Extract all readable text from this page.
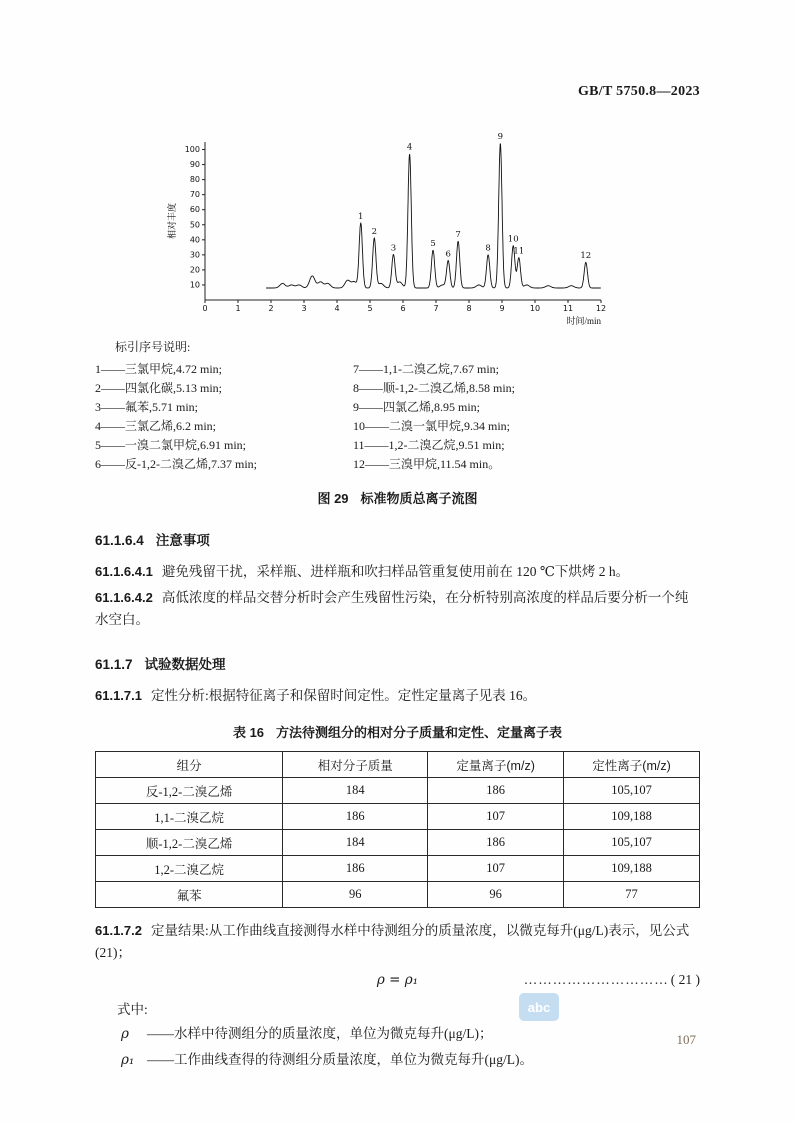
GB/T 5750.8—2023
10
20
30
40
50
60
70
80
90
100
0	1	2	3	4	5	6	7	8	9	10	11	12
相对丰度
时间/min
1
2
3
4
5
6
7
8
9
10
11	12
标引序号说明:
1——三氯甲烷,4.72 min;
2——四氯化碳,5.13 min;
3——氟苯,5.71 min;
4——三氯乙烯,6.2 min;
5——一溴二氯甲烷,6.91 min;
6——反-1,2-二溴乙烯,7.37 min;
7——1,1-二溴乙烷,7.67 min;
8——顺-1,2-二溴乙烯,8.58 min;
9——四氯乙烯,8.95 min;
10——二溴一氯甲烷,9.34 min;
11——1,2-二溴乙烷,9.51 min;
12——三溴甲烷,11.54 min。
图 29 标准物质总离子流图
61.1.6.4 注意事项

61.1.6.4.1 避免残留干扰，采样瓶、进样瓶和吹扫样品管重复使用前在 120 ℃下烘烤 2 h。

61.1.6.4.2 高低浓度的样品交替分析时会产生残留性污染，在分析特别高浓度的样品后要分析一个纯水空白。

61.1.7 试验数据处理

61.1.7.1 定性分析:根据特征离子和保留时间定性。定性定量离子见表 16。

表 16 方法待测组分的相对分子质量和定性、定量离子表
组分	相对分子质量	定量离子(m/z)	定性离子(m/z)
反-1,2-二溴乙烯	184	186	105,107
1,1-二溴乙烷	186	107	109,188
顺-1,2-二溴乙烯	184	186	105,107
1,2-二溴乙烷	186	107	109,188
氟苯	96	96	77

61.1.7.2 定量结果:从工作曲线直接测得水样中待测组分的质量浓度，以微克每升(μg/L)表示，见公式(21)；

ρ = ρ₁	………………………… ( 21 )

式中:

ρ	——水样中待测组分的质量浓度，单位为微克每升(μg/L)；

ρ₁ ——工作曲线查得的待测组分质量浓度，单位为微克每升(μg/L)。

abc
107
